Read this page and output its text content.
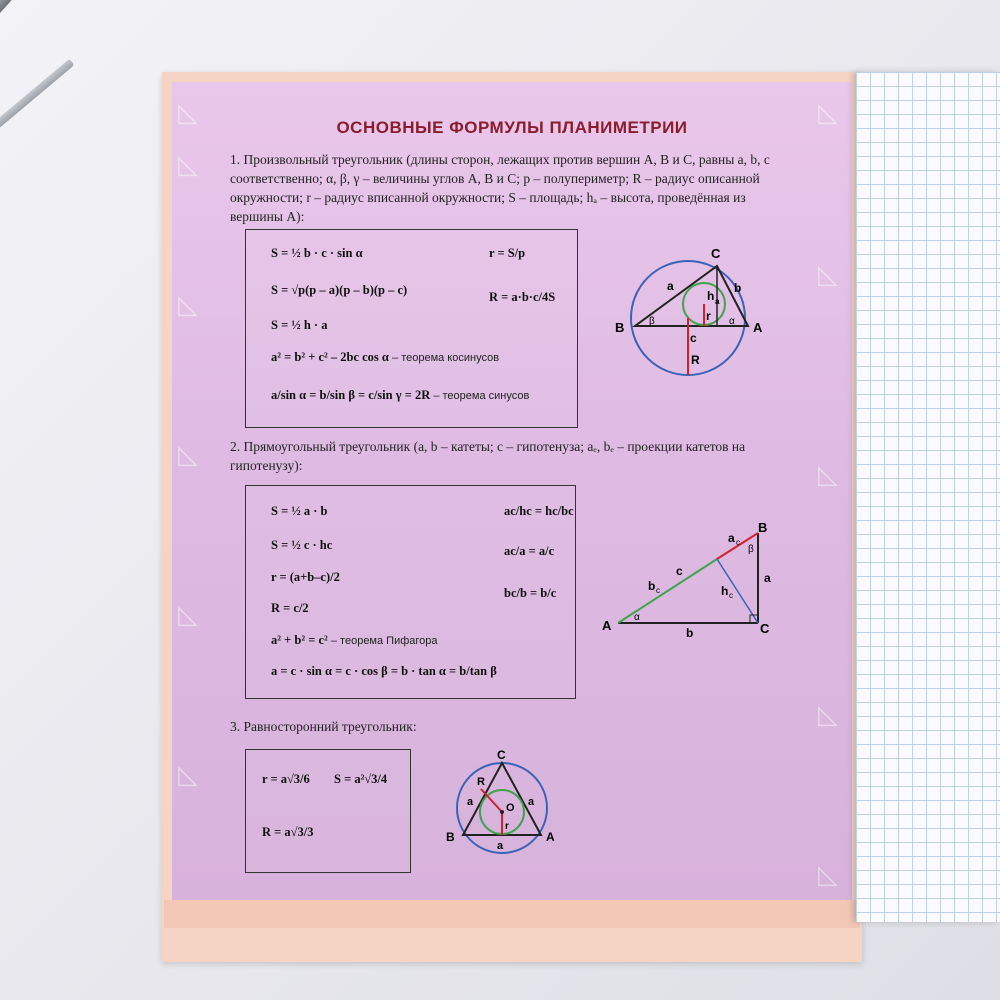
◺
◺
◺
◺
◺
◺
◺
◺
◺
◺
◺
ОСНОВНЫЕ ФОРМУЛЫ ПЛАНИМЕТРИИ
1. Произвольный треугольник (длины сторон, лежащих против вершин A, B и C, равны a, b, c соответственно; α, β, γ – величины углов A, B и C; p – полупериметр; R – радиус описанной окружности; r – радиус вписанной окружности; S – площадь; hₐ – высота, проведённая из вершины A):
S = ½ b · c · sin α
S = √p(p – a)(p – b)(p – c)
S = ½ h · a
a² = b² + c² – 2bc cos α – теорема косинусов
a/sin α = b/sin β = c/sin γ = 2R – теорема синусов
r = S/p
R = a·b·c/4S
B	A
C
a	b
c
h a
r
R
β	α
2. Прямоугольный треугольник (a, b – катеты; c – гипотенуза; aₑ, bₑ – проекции катетов на гипотенузу):
S = ½ a · b
S = ½ c · hc
r = (a+b–c)/2
R = c/2
a² + b² = c² – теорема Пифагора
a = c · sin α = c · cos β = b · tan α = b/tan β
ac/hc = hc/bc
ac/a = a/c
bc/b = b/c
A
B
C
a
b
c
b c
a c
h c
α
β
3. Равносторонний треугольник:
r = a√3/6 S = a²√3/4
R = a√3/3	B	A
C
R
O
r
a	a
a
